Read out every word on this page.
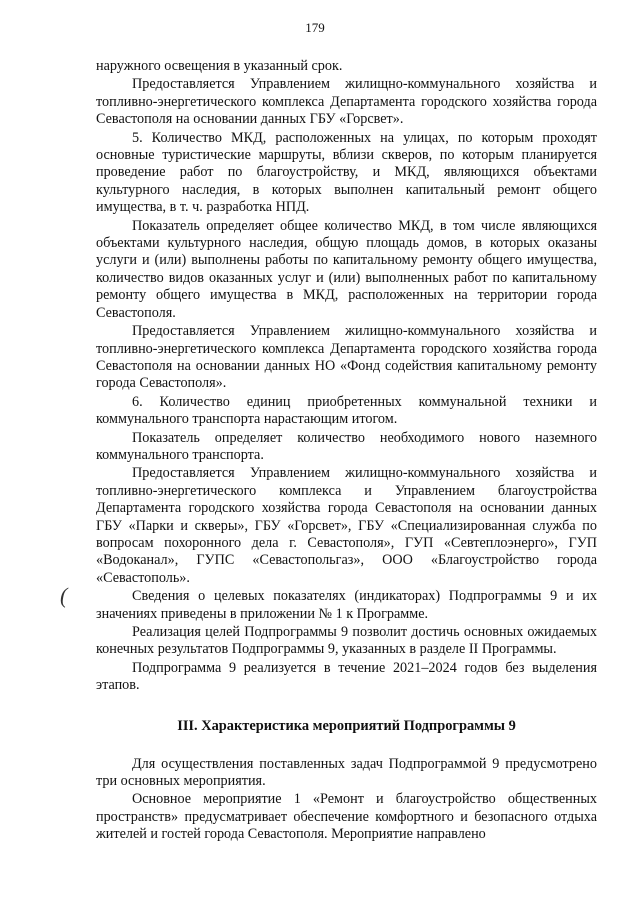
179
(

наружного освещения в указанный срок.

Предоставляется Управлением жилищно-коммунального хозяйства и топливно-энергетического комплекса Департамента городского хозяйства города Севастополя на основании данных ГБУ «Горсвет».

5. Количество МКД, расположенных на улицах, по которым проходят основные туристические маршруты, вблизи скверов, по которым планируется проведение работ по благоустройству, и МКД, являющихся объектами культурного наследия, в которых выполнен капитальный ремонт общего имущества, в т. ч. разработка НПД.

Показатель определяет общее количество МКД, в том числе являющихся объектами культурного наследия, общую площадь домов, в которых оказаны услуги и (или) выполнены работы по капитальному ремонту общего имущества, количество видов оказанных услуг и (или) выполненных работ по капитальному ремонту общего имущества в МКД, расположенных на территории города Севастополя.

Предоставляется Управлением жилищно-коммунального хозяйства и топливно-энергетического комплекса Департамента городского хозяйства города Севастополя на основании данных НО «Фонд содействия капитальному ремонту города Севастополя».

6. Количество единиц приобретенных коммунальной техники и коммунального транспорта нарастающим итогом.

Показатель определяет количество необходимого нового наземного коммунального транспорта.

Предоставляется Управлением жилищно-коммунального хозяйства и топливно-энергетического комплекса и Управлением благоустройства Департамента городского хозяйства города Севастополя на основании данных ГБУ «Парки и скверы», ГБУ «Горсвет», ГБУ «Специализированная служба по вопросам похоронного дела г. Севастополя», ГУП «Севтеплоэнерго», ГУП «Водоканал», ГУПС «Севастопольгаз», ООО «Благоустройство города «Севастополь».

Сведения о целевых показателях (индикаторах) Подпрограммы 9 и их значениях приведены в приложении № 1 к Программе.

Реализация целей Подпрограммы 9 позволит достичь основных ожидаемых конечных результатов Подпрограммы 9, указанных в разделе II Программы.

Подпрограмма 9 реализуется в течение 2021–2024 годов без выделения этапов.

III. Характеристика мероприятий Подпрограммы 9

Для осуществления поставленных задач Подпрограммой 9 предусмотрено три основных мероприятия.

Основное мероприятие 1 «Ремонт и благоустройство общественных пространств» предусматривает обеспечение комфортного и безопасного отдыха жителей и гостей города Севастополя. Мероприятие направлено
